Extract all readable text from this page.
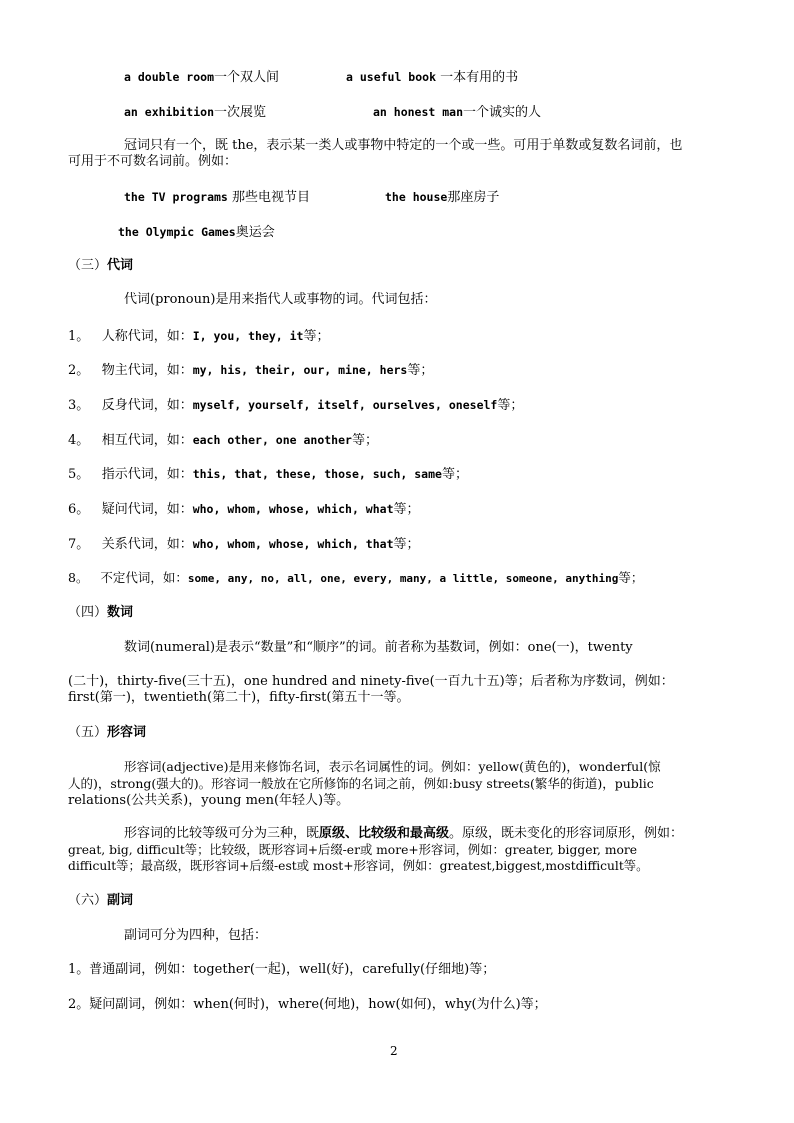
a double room一个双人间	a useful book 一本有用的书
an exhibition一次展览	an honest man一个诚实的人
冠词只有一个，既 the，表示某一类人或事物中特定的一个或一些。可用于单数或复数名词前，也
可用于不可数名词前。例如：
the TV programs 那些电视节目	the house那座房子
the Olympic Games奥运会
（三）代词
代词(pronoun)是用来指代人或事物的词。代词包括：
1。 人称代词，如：I, you, they, it等；
2。 物主代词，如：my, his, their, our, mine, hers等；
3。 反身代词，如：myself, yourself, itself, ourselves, oneself等；
4。 相互代词，如：each other, one another等；
5。 指示代词，如：this, that, these, those, such, same等；
6。 疑问代词，如：who, whom, whose, which, what等；
7。 关系代词，如：who, whom, whose, which, that等；
8。 不定代词，如：some, any, no, all, one, every, many, a little, someone, anything等；
（四）数词
数词(numeral)是表示“数量”和“顺序”的词。前者称为基数词，例如：one(一)，twenty
(二十)，thirty-five(三十五)，one hundred and ninety-five(一百九十五)等；后者称为序数词，例如：
first(第一)，twentieth(第二十)，fifty-first(第五十一等。
（五）形容词
形容词(adjective)是用来修饰名词，表示名词属性的词。例如：yellow(黄色的)，wonderful(惊
人的)，strong(强大的)。形容词一般放在它所修饰的名词之前，例如:busy streets(繁华的街道)，public
relations(公共关系)，young men(年轻人)等。
形容词的比较等级可分为三种，既原级、比较级和最高级。原级，既未变化的形容词原形，例如：
great, big, difficult等；比较级，既形容词+后缀-er或 more+形容词，例如：greater, bigger, more
difficult等；最高级，既形容词+后缀-est或 most+形容词，例如：greatest,biggest,mostdifficult等。
（六）副词
副词可分为四种，包括：
1。普通副词，例如：together(一起)，well(好)，carefully(仔细地)等；
2。疑问副词，例如：when(何时)，where(何地)，how(如何)，why(为什么)等；
2
